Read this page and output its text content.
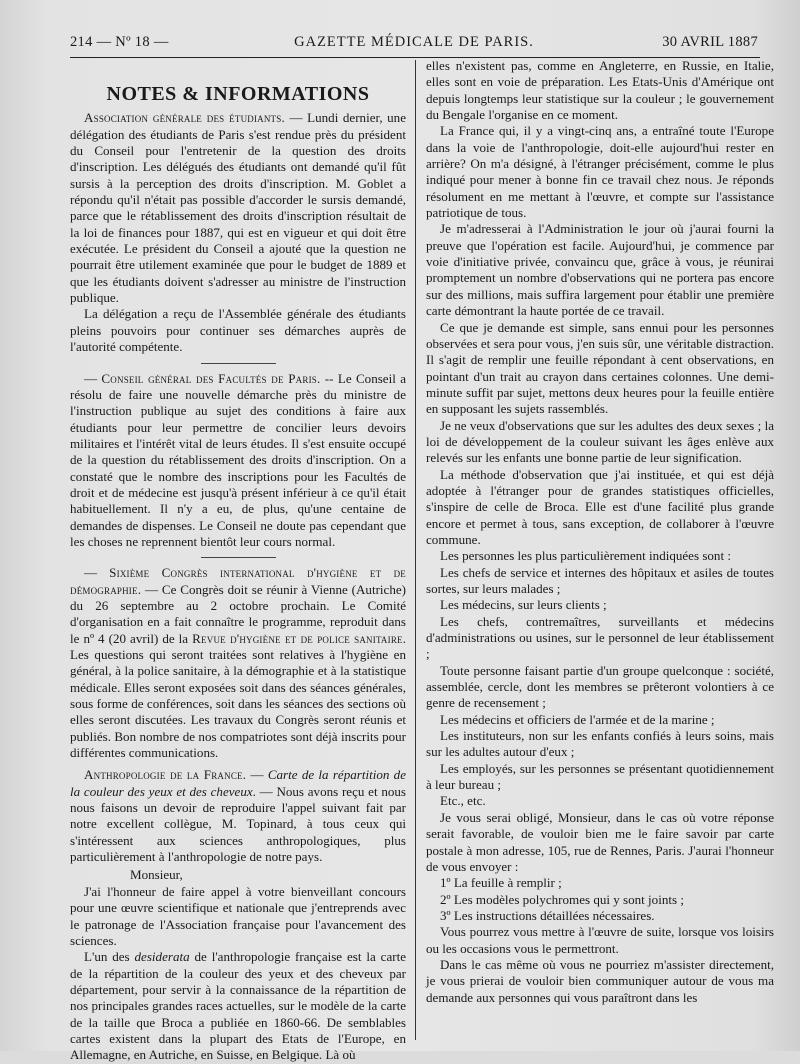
214 — Nº 18 —	GAZETTE MÉDICALE DE PARIS.	30 AVRIL 1887
NOTES & INFORMATIONS

Association générale des étudiants. — Lundi dernier, une délégation des étudiants de Paris s'est rendue près du président du Conseil pour l'entretenir de la question des droits d'inscription. Les délégués des étudiants ont demandé qu'il fût sursis à la perception des droits d'inscription. M. Goblet a répondu qu'il n'était pas possible d'accorder le sursis demandé, parce que le rétablissement des droits d'inscription résultait de la loi de finances pour 1887, qui est en vigueur et qui doit être exécutée. Le président du Conseil a ajouté que la question ne pourrait être utilement examinée que pour le budget de 1889 et que les étudiants doivent s'adresser au ministre de l'instruction publique.

La délégation a reçu de l'Assemblée générale des étudiants pleins pouvoirs pour continuer ses démarches auprès de l'autorité compétente.

— Conseil général des Facultés de Paris. -- Le Conseil a résolu de faire une nouvelle démarche près du ministre de l'instruction publique au sujet des conditions à faire aux étudiants pour leur permettre de concilier leurs devoirs militaires et l'intérêt vital de leurs études. Il s'est ensuite occupé de la question du rétablissement des droits d'inscription. On a constaté que le nombre des inscriptions pour les Facultés de droit et de médecine est jusqu'à présent inférieur à ce qu'il était habituellement. Il n'y a eu, de plus, qu'une centaine de demandes de dispenses. Le Conseil ne doute pas cependant que les choses ne reprennent bientôt leur cours normal.

— Sixième Congrès international d'hygiène et de démographie. — Ce Congrès doit se réunir à Vienne (Autriche) du 26 septembre au 2 octobre prochain. Le Comité d'organisation en a fait connaître le programme, reproduit dans le nº 4 (20 avril) de la Revue d'hygiène et de police sanitaire. Les questions qui seront traitées sont relatives à l'hygiène en général, à la police sanitaire, à la démographie et à la statistique médicale. Elles seront exposées soit dans des séances générales, sous forme de conférences, soit dans les séances des sections où elles seront discutées. Les travaux du Congrès seront réunis et publiés. Bon nombre de nos compatriotes sont déjà inscrits pour différentes communications.

Anthropologie de la France. — Carte de la répartition de la couleur des yeux et des cheveux. — Nous avons reçu et nous nous faisons un devoir de reproduire l'appel suivant fait par notre excellent collègue, M. Topinard, à tous ceux qui s'intéressent aux sciences anthropologiques, plus particulièrement à l'anthropologie de notre pays.

Monsieur,

J'ai l'honneur de faire appel à votre bienveillant concours pour une œuvre scientifique et nationale que j'entreprends avec le patronage de l'Association française pour l'avancement des sciences.

L'un des desiderata de l'anthropologie française est la carte de la répartition de la couleur des yeux et des cheveux par département, pour servir à la connaissance de la répartition de nos principales grandes races actuelles, sur le modèle de la carte de la taille que Broca a publiée en 1860-66. De semblables cartes existent dans la plupart des Etats de l'Europe, en Allemagne, en Autriche, en Suisse, en Belgique. Là où

elles n'existent pas, comme en Angleterre, en Russie, en Italie, elles sont en voie de préparation. Les Etats-Unis d'Amérique ont depuis longtemps leur statistique sur la couleur ; le gouvernement du Bengale l'organise en ce moment.

La France qui, il y a vingt-cinq ans, a entraîné toute l'Europe dans la voie de l'anthropologie, doit-elle aujourd'hui rester en arrière? On m'a désigné, à l'étranger précisément, comme le plus indiqué pour mener à bonne fin ce travail chez nous. Je réponds résolument en me mettant à l'œuvre, et compte sur l'assistance patriotique de tous.

Je m'adresserai à l'Administration le jour où j'aurai fourni la preuve que l'opération est facile. Aujourd'hui, je commence par voie d'initiative privée, convaincu que, grâce à vous, je réunirai promptement un nombre d'observations qui ne portera pas encore sur des millions, mais suffira largement pour établir une première carte démontrant la haute portée de ce travail.

Ce que je demande est simple, sans ennui pour les personnes observées et sera pour vous, j'en suis sûr, une véritable distraction. Il s'agit de remplir une feuille répondant à cent observations, en pointant d'un trait au crayon dans certaines colonnes. Une demi-minute suffit par sujet, mettons deux heures pour la feuille entière en supposant les sujets rassemblés.

Je ne veux d'observations que sur les adultes des deux sexes ; la loi de développement de la couleur suivant les âges enlève aux relevés sur les enfants une bonne partie de leur signification.

La méthode d'observation que j'ai instituée, et qui est déjà adoptée à l'étranger pour de grandes statistiques officielles, s'inspire de celle de Broca. Elle est d'une facilité plus grande encore et permet à tous, sans exception, de collaborer à l'œuvre commune.

Les personnes les plus particulièrement indiquées sont :

Les chefs de service et internes des hôpitaux et asiles de toutes sortes, sur leurs malades ;

Les médecins, sur leurs clients ;

Les chefs, contremaîtres, surveillants et médecins d'administrations ou usines, sur le personnel de leur établissement ;

Toute personne faisant partie d'un groupe quelconque : société, assemblée, cercle, dont les membres se prêteront volontiers à ce genre de recensement ;

Les médecins et officiers de l'armée et de la marine ;

Les instituteurs, non sur les enfants confiés à leurs soins, mais sur les adultes autour d'eux ;

Les employés, sur les personnes se présentant quotidiennement à leur bureau ;

Etc., etc.

Je vous serai obligé, Monsieur, dans le cas où votre réponse serait favorable, de vouloir bien me le faire savoir par carte postale à mon adresse, 105, rue de Rennes, Paris. J'aurai l'honneur de vous envoyer :

1º La feuille à remplir ;

2º Les modèles polychromes qui y sont joints ;

3º Les instructions détaillées nécessaires.

Vous pourrez vous mettre à l'œuvre de suite, lorsque vos loisirs ou les occasions vous le permettront.

Dans le cas même où vous ne pourriez m'assister directement, je vous prierai de vouloir bien communiquer autour de vous ma demande aux personnes qui vous paraîtront dans les
